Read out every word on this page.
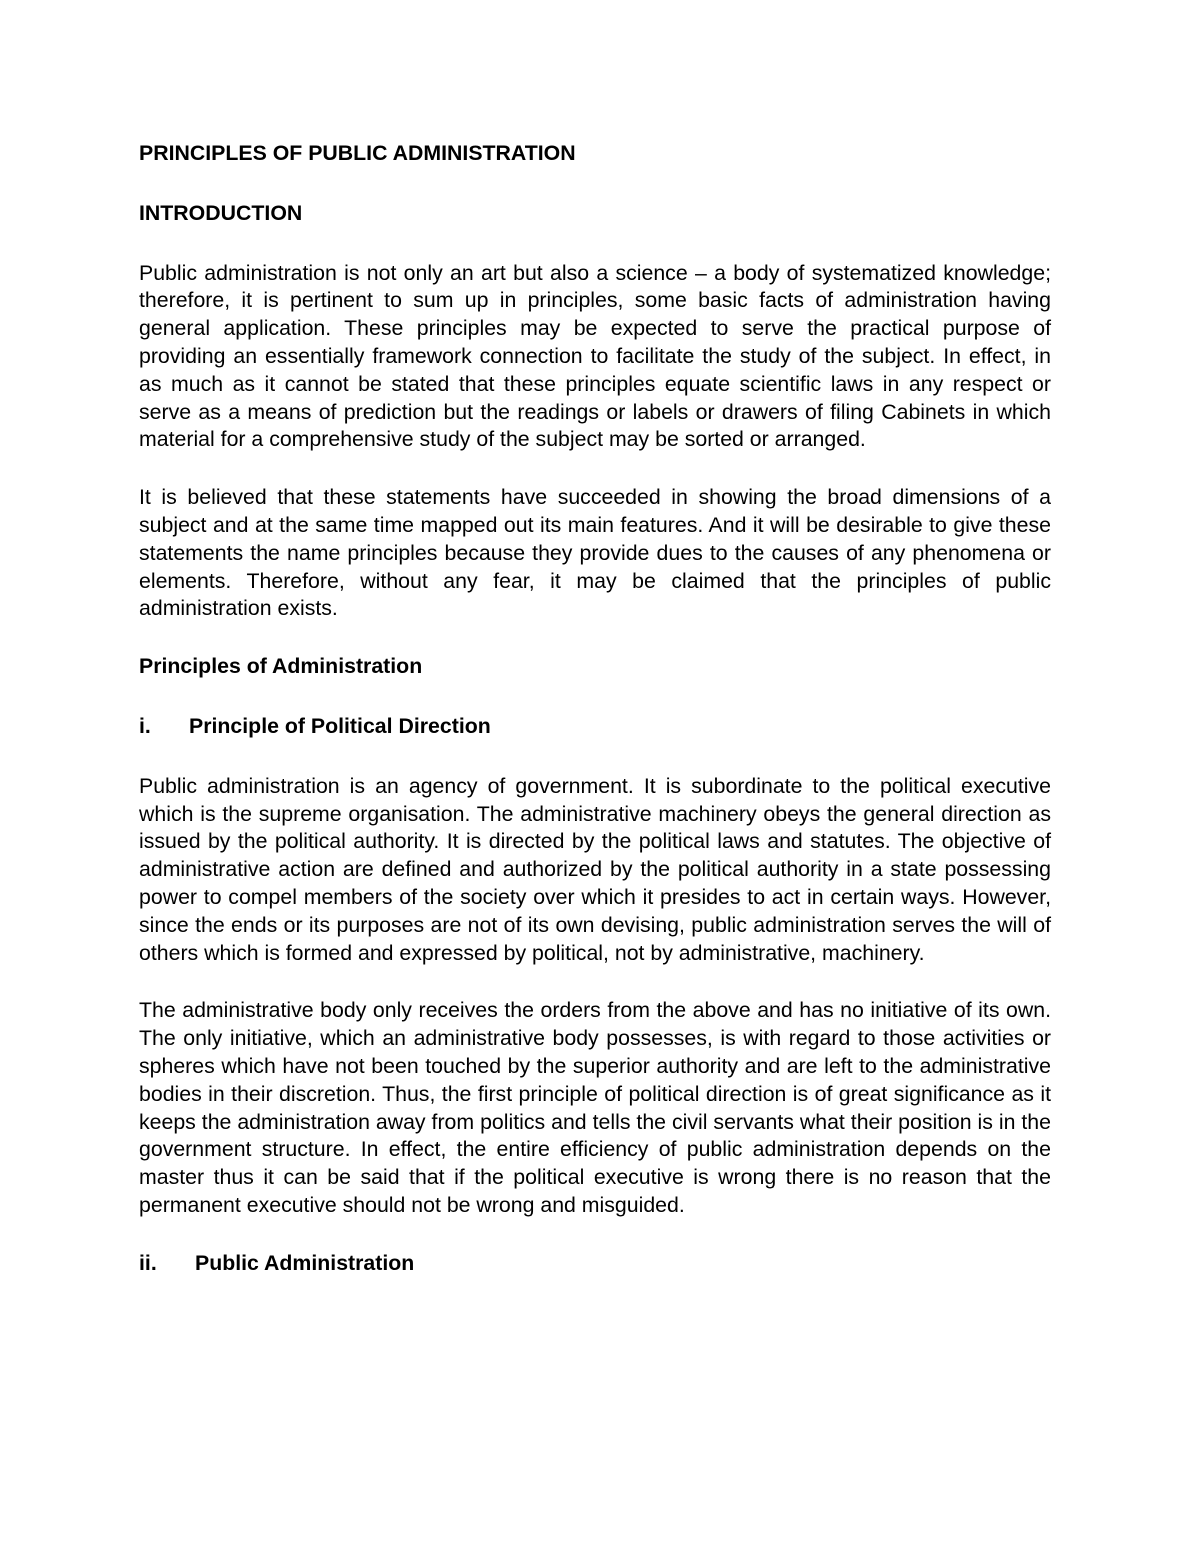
PRINCIPLES OF PUBLIC ADMINISTRATION

INTRODUCTION

Public administration is not only an art but also a science – a body of systematized knowledge; therefore, it is pertinent to sum up in principles, some basic facts of administration having general application. These principles may be expected to serve the practical purpose of providing an essentially framework connection to facilitate the study of the subject. In effect, in as much as it cannot be stated that these principles equate scientific laws in any respect or serve as a means of prediction but the readings or labels or drawers of filing Cabinets in which material for a comprehensive study of the subject may be sorted or arranged.

It is believed that these statements have succeeded in showing the broad dimensions of a subject and at the same time mapped out its main features. And it will be desirable to give these statements the name principles because they provide dues to the causes of any phenomena or elements. Therefore, without any fear, it may be claimed that the principles of public administration exists.

Principles of Administration

i.	Principle of Political Direction

Public administration is an agency of government. It is subordinate to the political executive which is the supreme organisation. The administrative machinery obeys the general direction as issued by the political authority. It is directed by the political laws and statutes. The objective of administrative action are defined and authorized by the political authority in a state possessing power to compel members of the society over which it presides to act in certain ways. However, since the ends or its purposes are not of its own devising, public administration serves the will of others which is formed and expressed by political, not by administrative, machinery.

The administrative body only receives the orders from the above and has no initiative of its own. The only initiative, which an administrative body possesses, is with regard to those activities or spheres which have not been touched by the superior authority and are left to the administrative bodies in their discretion. Thus, the first principle of political direction is of great significance as it keeps the administration away from politics and tells the civil servants what their position is in the government structure. In effect, the entire efficiency of public administration depends on the master thus it can be said that if the political executive is wrong there is no reason that the permanent executive should not be wrong and misguided.

ii.	Public Administration
